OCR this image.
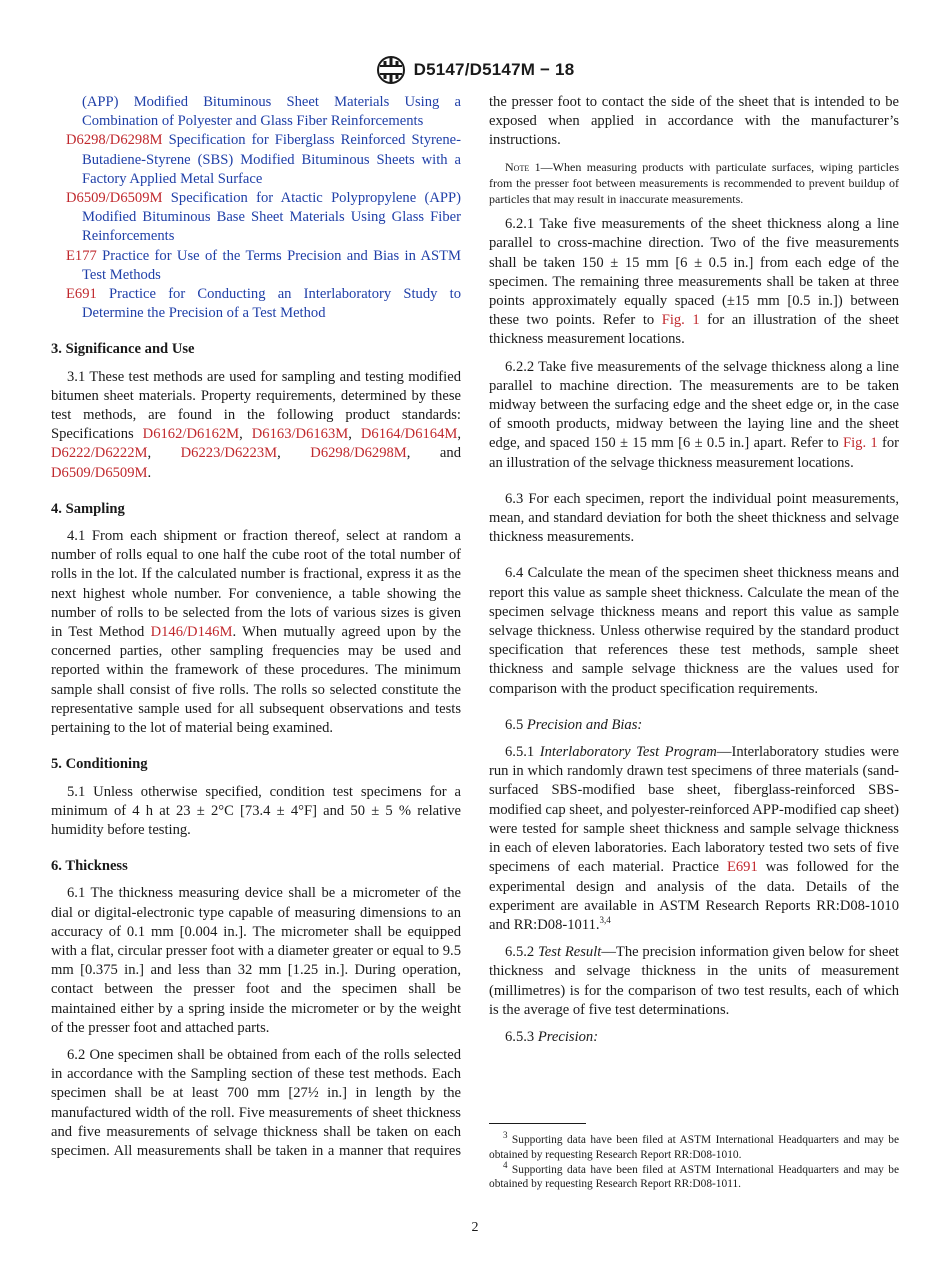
D5147/D5147M − 18

(APP) Modified Bituminous Sheet Materials Using a Combination of Polyester and Glass Fiber Reinforcements

D6298/D6298M Specification for Fiberglass Reinforced Styrene-Butadiene-Styrene (SBS) Modified Bituminous Sheets with a Factory Applied Metal Surface

D6509/D6509M Specification for Atactic Polypropylene (APP) Modified Bituminous Base Sheet Materials Using Glass Fiber Reinforcements

E177 Practice for Use of the Terms Precision and Bias in ASTM Test Methods

E691 Practice for Conducting an Interlaboratory Study to Determine the Precision of a Test Method

3. Significance and Use

3.1 These test methods are used for sampling and testing modified bitumen sheet materials. Property requirements, determined by these test methods, are found in the following product standards: Specifications D6162/D6162M, D6163/D6163M, D6164/D6164M, D6222/D6222M, D6223/D6223M, D6298/D6298M, and D6509/D6509M.

4. Sampling

4.1 From each shipment or fraction thereof, select at random a number of rolls equal to one half the cube root of the total number of rolls in the lot. If the calculated number is fractional, express it as the next highest whole number. For convenience, a table showing the number of rolls to be selected from the lots of various sizes is given in Test Method D146/D146M. When mutually agreed upon by the concerned parties, other sampling frequencies may be used and reported within the framework of these procedures. The minimum sample shall consist of five rolls. The rolls so selected constitute the representative sample used for all subsequent observations and tests pertaining to the lot of material being examined.

5. Conditioning

5.1 Unless otherwise specified, condition test specimens for a minimum of 4 h at 23 ± 2°C [73.4 ± 4°F] and 50 ± 5 % relative humidity before testing.

6. Thickness

6.1 The thickness measuring device shall be a micrometer of the dial or digital-electronic type capable of measuring dimensions to an accuracy of 0.1 mm [0.004 in.]. The micrometer shall be equipped with a flat, circular presser foot with a diameter greater or equal to 9.5 mm [0.375 in.] and less than 32 mm [1.25 in.]. During operation, contact between the presser foot and the specimen shall be maintained either by a spring inside the micrometer or by the weight of the presser foot and attached parts.

6.2 One specimen shall be obtained from each of the rolls selected in accordance with the Sampling section of these test methods. Each specimen shall be at least 700 mm [27½ in.] in length by the manufactured width of the roll. Five measurements of sheet thickness and five measurements of selvage thickness shall be taken on each specimen. All measurements shall be taken in a manner that requires

the presser foot to contact the side of the sheet that is intended to be exposed when applied in accordance with the manufacturer’s instructions.

Note 1—When measuring products with particulate surfaces, wiping particles from the presser foot between measurements is recommended to prevent buildup of particles that may result in inaccurate measurements.

6.2.1 Take five measurements of the sheet thickness along a line parallel to cross-machine direction. Two of the five measurements shall be taken 150 ± 15 mm [6 ± 0.5 in.] from each edge of the specimen. The remaining three measurements shall be taken at three points approximately equally spaced (±15 mm [0.5 in.]) between these two points. Refer to Fig. 1 for an illustration of the sheet thickness measurement locations.

6.2.2 Take five measurements of the selvage thickness along a line parallel to machine direction. The measurements are to be taken midway between the surfacing edge and the sheet edge or, in the case of smooth products, midway between the laying line and the sheet edge, and spaced 150 ± 15 mm [6 ± 0.5 in.] apart. Refer to Fig. 1 for an illustration of the selvage thickness measurement locations.

6.3 For each specimen, report the individual point measurements, mean, and standard deviation for both the sheet thickness and selvage thickness measurements.

6.4 Calculate the mean of the specimen sheet thickness means and report this value as sample sheet thickness. Calculate the mean of the specimen selvage thickness means and report this value as sample selvage thickness. Unless otherwise required by the standard product specification that references these test methods, sample sheet thickness and sample selvage thickness are the values used for comparison with the product specification requirements.

6.5 Precision and Bias:

6.5.1 Interlaboratory Test Program—Interlaboratory studies were run in which randomly drawn test specimens of three materials (sand-surfaced SBS-modified base sheet, fiberglass-reinforced SBS-modified cap sheet, and polyester-reinforced APP-modified cap sheet) were tested for sample sheet thickness and sample selvage thickness in each of eleven laboratories. Each laboratory tested two sets of five specimens of each material. Practice E691 was followed for the experimental design and analysis of the data. Details of the experiment are available in ASTM Research Reports RR:D08-1010 and RR:D08-1011.$^{3,4}$

6.5.2 Test Result—The precision information given below for sheet thickness and selvage thickness in the units of measurement (millimetres) is for the comparison of two test results, each of which is the average of five test determinations.

6.5.3 Precision:

$^3$ Supporting data have been filed at ASTM International Headquarters and may be obtained by requesting Research Report RR:D08-1010.

$^4$ Supporting data have been filed at ASTM International Headquarters and may be obtained by requesting Research Report RR:D08-1011.

2
